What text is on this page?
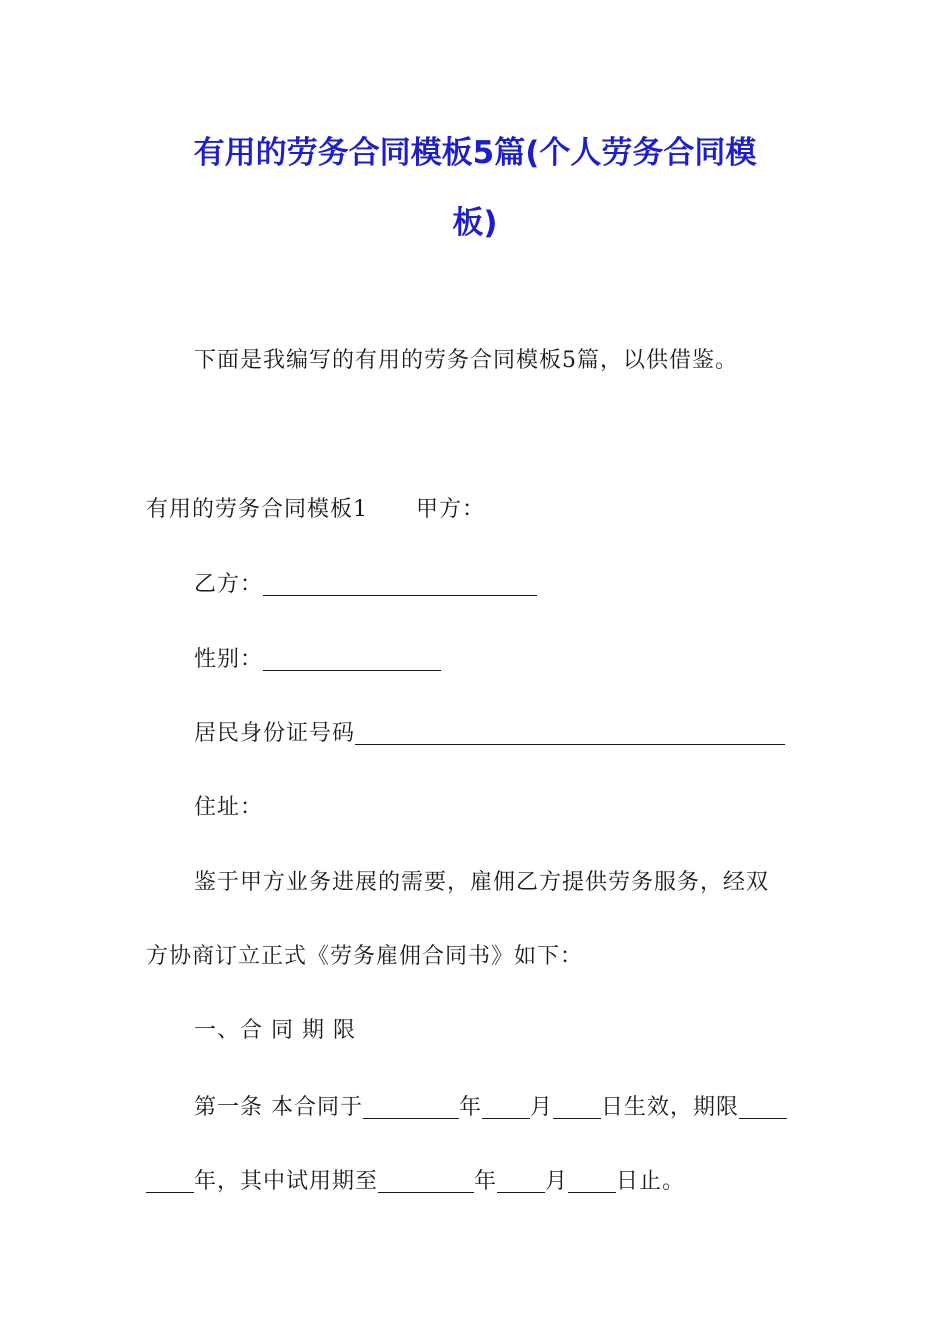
有用的劳务合同模板5篇(个人劳务合同模
板)
下面是我编写的有用的劳务合同模板5篇，以供借鉴。
有用的劳务合同模板1 甲方：
乙方：
性别：
居民身份证号码
住址：
鉴于甲方业务进展的需要，雇佣乙方提供劳务服务，经双
方协商订立正式《劳务雇佣合同书》如下：
一、合 同 期 限
第一条 本合同于	年 月 日生效，期限
年，其中试用期至	年 月 日止。
